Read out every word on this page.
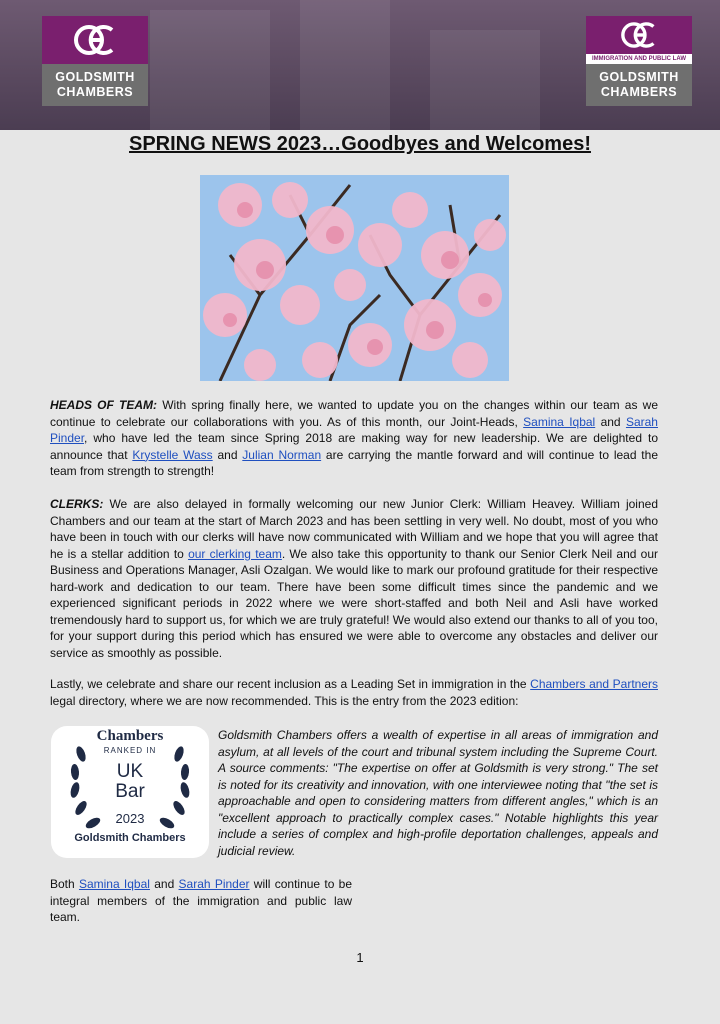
GOLDSMITH
CHAMBERS
IMMIGRATION AND PUBLIC LAW
GOLDSMITH
CHAMBERS
SPRING NEWS 2023…Goodbyes and Welcomes!
HEADS OF TEAM: With spring finally here, we wanted to update you on the changes within our team as we continue to celebrate our collaborations with you. As of this month, our Joint-Heads, Samina Iqbal and Sarah Pinder, who have led the team since Spring 2018 are making way for new leadership. We are delighted to announce that Krystelle Wass and Julian Norman are carrying the mantle forward and will continue to lead the team from strength to strength!
CLERKS: We are also delayed in formally welcoming our new Junior Clerk: William Heavey. William joined Chambers and our team at the start of March 2023 and has been settling in very well. No doubt, most of you who have been in touch with our clerks will have now communicated with William and we hope that you will agree that he is a stellar addition to our clerking team. We also take this opportunity to thank our Senior Clerk Neil and our Business and Operations Manager, Asli Ozalgan. We would like to mark our profound gratitude for their respective hard-work and dedication to our team. There have been some difficult times since the pandemic and we experienced significant periods in 2022 where we were short-staffed and both Neil and Asli have worked tremendously hard to support us, for which we are truly grateful! We would also extend our thanks to all of you too, for your support during this period which has ensured we were able to overcome any obstacles and deliver our service as smoothly as possible.
Lastly, we celebrate and share our recent inclusion as a Leading Set in immigration in the Chambers and Partners legal directory, where we are now recommended. This is the entry from the 2023 edition:
Chambers
RANKED IN
UK
Bar
2023
Goldsmith Chambers
Goldsmith Chambers offers a wealth of expertise in all areas of immigration and asylum, at all levels of the court and tribunal system including the Supreme Court. A source comments: "The expertise on offer at Goldsmith is very strong." The set is noted for its creativity and innovation, with one interviewee noting that "the set is approachable and open to considering matters from different angles," which is an "excellent approach to practically complex cases." Notable highlights this year include a series of complex and high-profile deportation challenges, appeals and judicial review.
Both Samina Iqbal and Sarah Pinder will continue to be integral members of the immigration and public law team.
1
